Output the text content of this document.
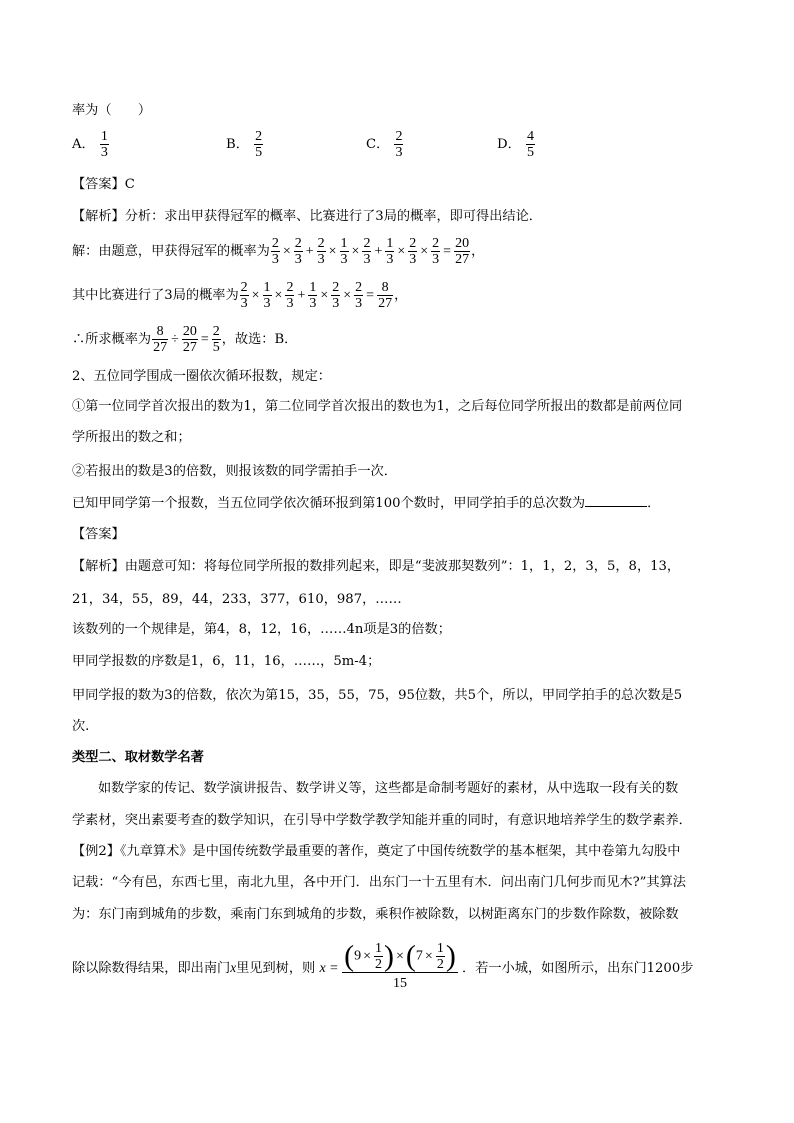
率为（　　）
A． $\frac{1}{3}$	B． $\frac{2}{5}$	C． $\frac{2}{3}$	D． $\frac{4}{5}$
【答案】C
【解析】分析：求出甲获得冠军的概率、比赛进行了3局的概率，即可得出结论．
解：由题意，甲获得冠军的概率为 $\frac{2}{3} \times \frac{2}{3} + \frac{2}{3} \times \frac{1}{3} \times \frac{2}{3} + \frac{1}{3} \times \frac{2}{3} \times \frac{2}{3} = \frac{20}{27}$ ，
其中比赛进行了3局的概率为 $\frac{2}{3} \times \frac{1}{3} \times \frac{2}{3} + \frac{1}{3} \times \frac{2}{3} \times \frac{2}{3} = \frac{8}{27}$ ，
∴所求概率为 $\frac{8}{27} \div \frac{20}{27} = \frac{2}{5}$ ，故选：B．
2、五位同学围成一圈依次循环报数，规定：
①第一位同学首次报出的数为1，第二位同学首次报出的数也为1，之后每位同学所报出的数都是前两位同
学所报出的数之和；
②若报出的数是3的倍数，则报该数的同学需拍手一次．
已知甲同学第一个报数，当五位同学依次循环报到第100个数时，甲同学拍手的总次数为	．
【答案】
【解析】由题意可知：将每位同学所报的数排列起来，即是“斐波那契数列”：1，1，2，3，5，8，13，
21，34，55，89，44，233，377，610，987，……
该数列的一个规律是，第4，8，12，16，……4n项是3的倍数；
甲同学报数的序数是1，6，11，16，……，5m-4；
甲同学报的数为3的倍数，依次为第15，35，55，75，95位数，共5个，所以，甲同学拍手的总次数是5
次.
类型二、取材数学名著
如数学家的传记、数学演讲报告、数学讲义等，这些都是命制考题好的素材，从中选取一段有关的数
学素材，突出素要考查的数学知识，在引导中学数学教学知能并重的同时，有意识地培养学生的数学素养．
【例2】《九章算术》是中国传统数学最重要的著作，奠定了中国传统数学的基本框架，其中卷第九勾股中
记载：“今有邑，东西七里，南北九里，各中开门．出东门一十五里有木．问出南门几何步而见木?”其算法
为：东门南到城角的步数，乘南门东到城角的步数，乘积作被除数，以树距离东门的步数作除数，被除数
除以除数得结果，即出南门x里见到树，则 $x = \frac{(9 \times \frac{1}{2} ) \times(7 \times \frac{1}{2} )}{15}$ ．若一小城，如图所示，出东门1200步
